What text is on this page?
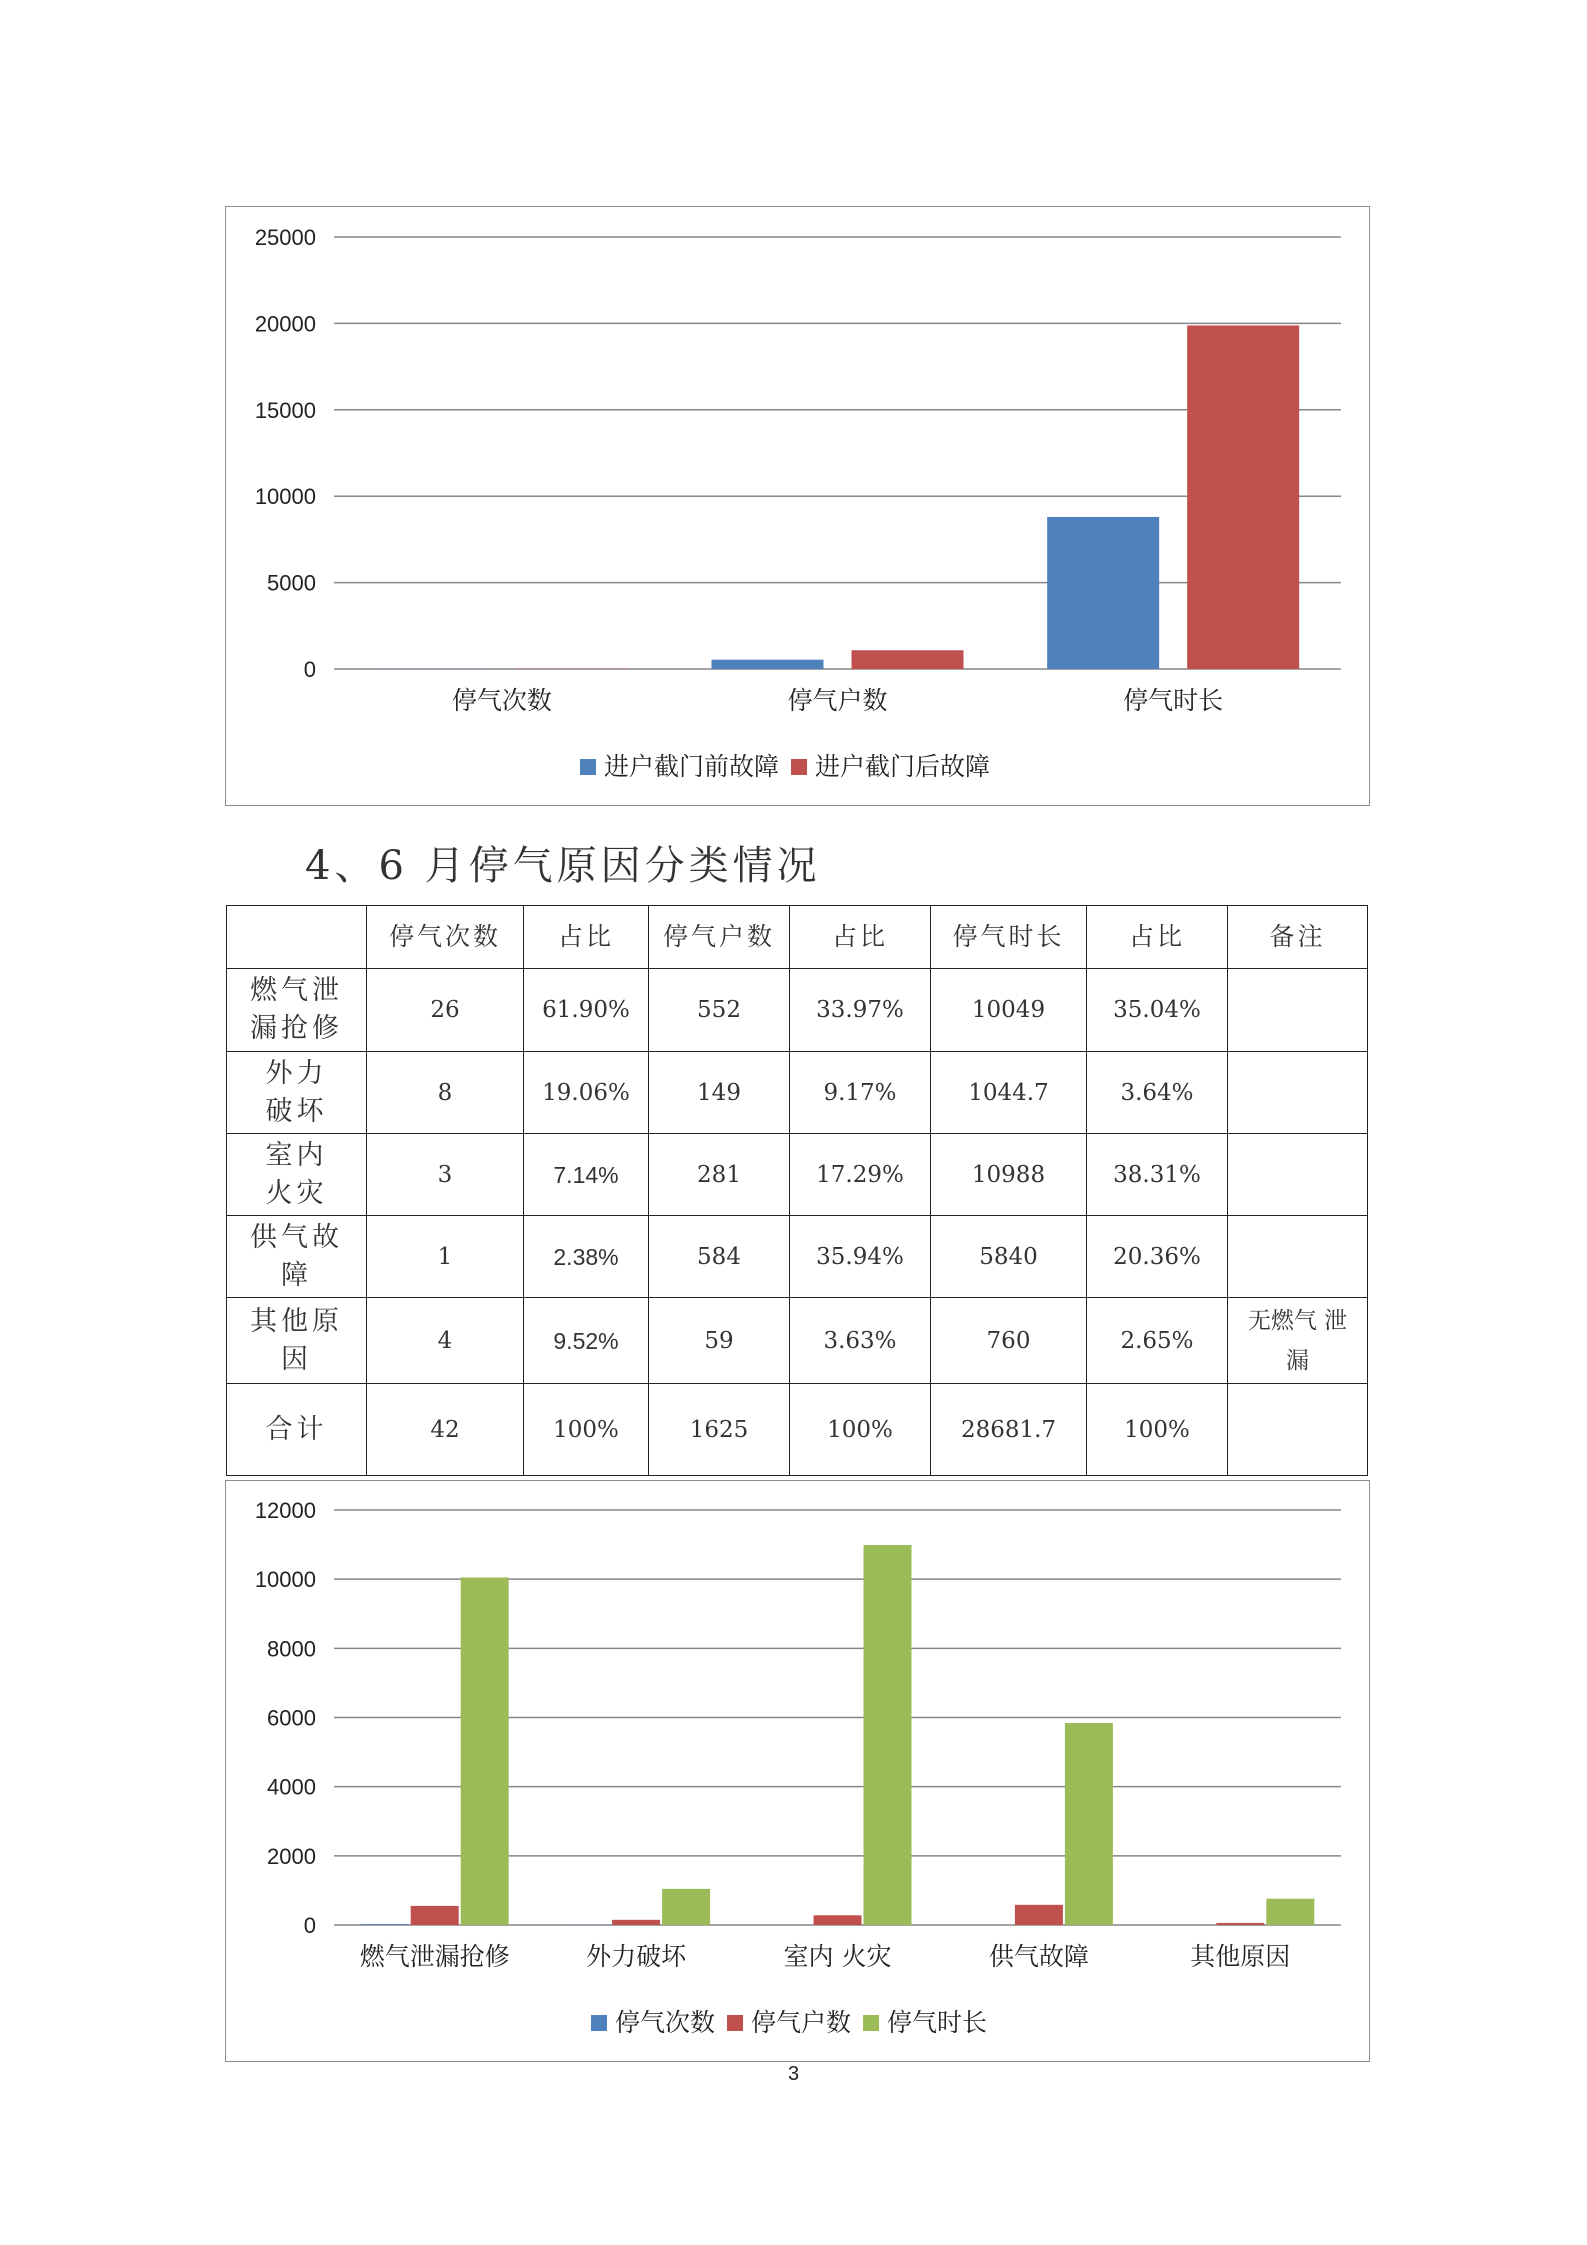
0
5000
10000
15000
20000
25000
停气次数	停气户数	停气时长
进户截门前故障 进户截门后故障
4、6 月停气原因分类情况
	停气次数	占比	停气户数	占比	停气时长	占比	备注

燃气泄
漏抢修	26	61.90%	552	33.97%	10049	35.04%	

外力
破坏	8	19.06%	149	9.17%	1044.7	3.64%	

室内
火灾	3	7.14%	281	17.29%	10988	38.31%	

供气故
障	1	2.38%	584	35.94%	5840	20.36%	

其他原
因	4	9.52%	59	3.63%	760	2.65%	无燃气 泄漏

合计	42	100%	1625	100%	28681.7	100%	
0
2000
4000
6000
8000
10000
12000
燃气泄漏抢修	外力破坏	室内 火灾	供气故障	其他原因
停气次数 停气户数 停气时长
3
